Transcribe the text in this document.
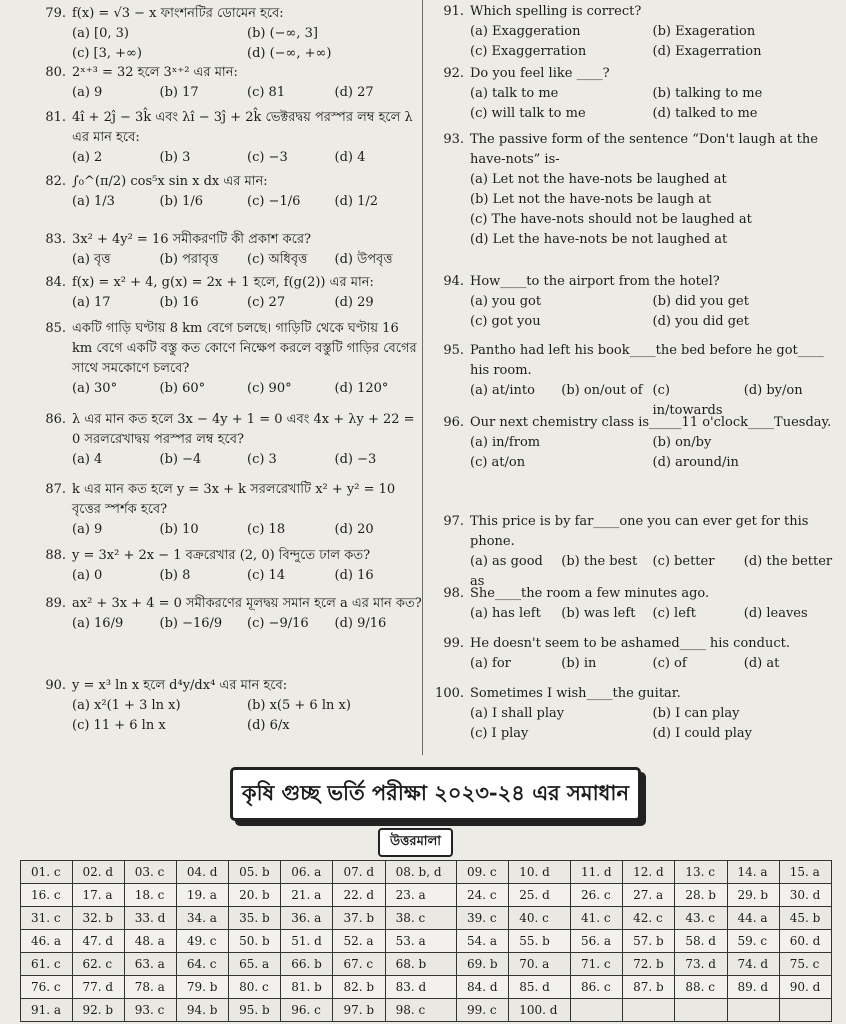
79. f(x) = √3 − x ফাংশনটির ডোমেন হবে:
(a) [0, 3)	(b) (−∞, 3]
(c) [3, +∞)	(d) (−∞, +∞)
80. 2ˣ⁺³ = 32 হলে 3ˣ⁺² এর মান:
(a) 9	(b) 17	(c) 81	(d) 27
81. 4î + 2ĵ − 3k̂ এবং λî − 3ĵ + 2k̂ ভেক্টরদ্বয় পরস্পর লম্ব হলে λ এর মান হবে:
(a) 2	(b) 3	(c) −3	(d) 4
82. ∫₀^(π/2) cos⁵x sin x dx এর মান:
(a) 1/3	(b) 1/6	(c) −1/6	(d) 1/2
83. 3x² + 4y² = 16 সমীকরণটি কী প্রকাশ করে?
(a) বৃত্ত	(b) পরাবৃত্ত	(c) অধিবৃত্ত	(d) উপবৃত্ত
84. f(x) = x² + 4, g(x) = 2x + 1 হলে, f(g(2)) এর মান:
(a) 17	(b) 16	(c) 27	(d) 29
85. একটি গাড়ি ঘণ্টায় 8 km বেগে চলছে। গাড়িটি থেকে ঘণ্টায় 16 km বেগে একটি বস্তু কত কোণে নিক্ষেপ করলে বস্তুটি গাড়ির বেগের সাথে সমকোণে চলবে?
(a) 30°	(b) 60°	(c) 90°	(d) 120°
86. λ এর মান কত হলে 3x − 4y + 1 = 0 এবং 4x + λy + 22 = 0 সরলরেখাদ্বয় পরস্পর লম্ব হবে?
(a) 4	(b) −4	(c) 3	(d) −3
87. k এর মান কত হলে y = 3x + k সরলরেখাটি x² + y² = 10 বৃত্তের স্পর্শক হবে?
(a) 9	(b) 10	(c) 18	(d) 20
88. y = 3x² + 2x − 1 বক্ররেখার (2, 0) বিন্দুতে ঢাল কত?
(a) 0	(b) 8	(c) 14	(d) 16
89. ax² + 3x + 4 = 0 সমীকরণের মূলদ্বয় সমান হলে a এর মান কত?
(a) 16/9	(b) −16/9	(c) −9/16	(d) 9/16
90. y = x³ ln x হলে d⁴y/dx⁴ এর মান হবে:
(a) x²(1 + 3 ln x)	(b) x(5 + 6 ln x)
(c) 11 + 6 ln x	(d) 6/x
91. Which spelling is correct?
(a) Exaggeration	(b) Exageration
(c) Exaggerration	(d) Exagerration
92. Do you feel like ____?
(a) talk to me	(b) talking to me
(c) will talk to me	(d) talked to me
93. The passive form of the sentence “Don't laugh at the have-nots” is-
(a) Let not the have-nots be laughed at
(b) Let not the have-nots be laugh at
(c) The have-nots should not be laughed at
(d) Let the have-nots be not laughed at
94. How____to the airport from the hotel?
(a) you got	(b) did you get
(c) got you	(d) you did get
95. Pantho had left his book____the bed before he got____ his room.
(a) at/into	(b) on/out of (c) in/towards
(d) by/on
96. Our next chemistry class is_____11 o'clock____Tuesday.
(a) in/from	(b) on/by
(c) at/on	(d) around/in
97. This price is by far____one you can ever get for this phone.
(a) as good as
(b) the best	(c) better	(d) the better
98. She____the room a few minutes ago.
(a) has left	(b) was left	(c) left	(d) leaves
99. He doesn't seem to be ashamed____ his conduct.
(a) for	(b) in	(c) of	(d) at
100. Sometimes I wish____the guitar.
(a) I shall play	(b) I can play
(c) I play	(d) I could play
কৃষি গুচ্ছ ভর্তি পরীক্ষা ২০২৩-২৪ এর সমাধান
উত্তরমালা
01. c	02. d	03. c	04. d	05. b	06. a	07. d	08. b, d	09. c	10. d	11. d	12. d	13. c	14. a	15. a
16. c	17. a	18. c	19. a	20. b	21. a	22. d	23. a	24. c	25. d	26. c	27. a	28. b	29. b	30. d
31. c	32. b	33. d	34. a	35. b	36. a	37. b	38. c	39. c	40. c	41. c	42. c	43. c	44. a	45. b
46. a	47. d	48. a	49. c	50. b	51. d	52. a	53. a	54. a	55. b	56. a	57. b	58. d	59. c	60. d
61. c	62. c	63. a	64. c	65. a	66. b	67. c	68. b	69. b	70. a	71. c	72. b	73. d	74. d	75. c
76. c	77. d	78. a	79. b	80. c	81. b	82. b	83. d	84. d	85. d	86. c	87. b	88. c	89. d	90. d
91. a	92. b	93. c	94. b	95. b	96. c	97. b	98. c	99. c	100. d					
